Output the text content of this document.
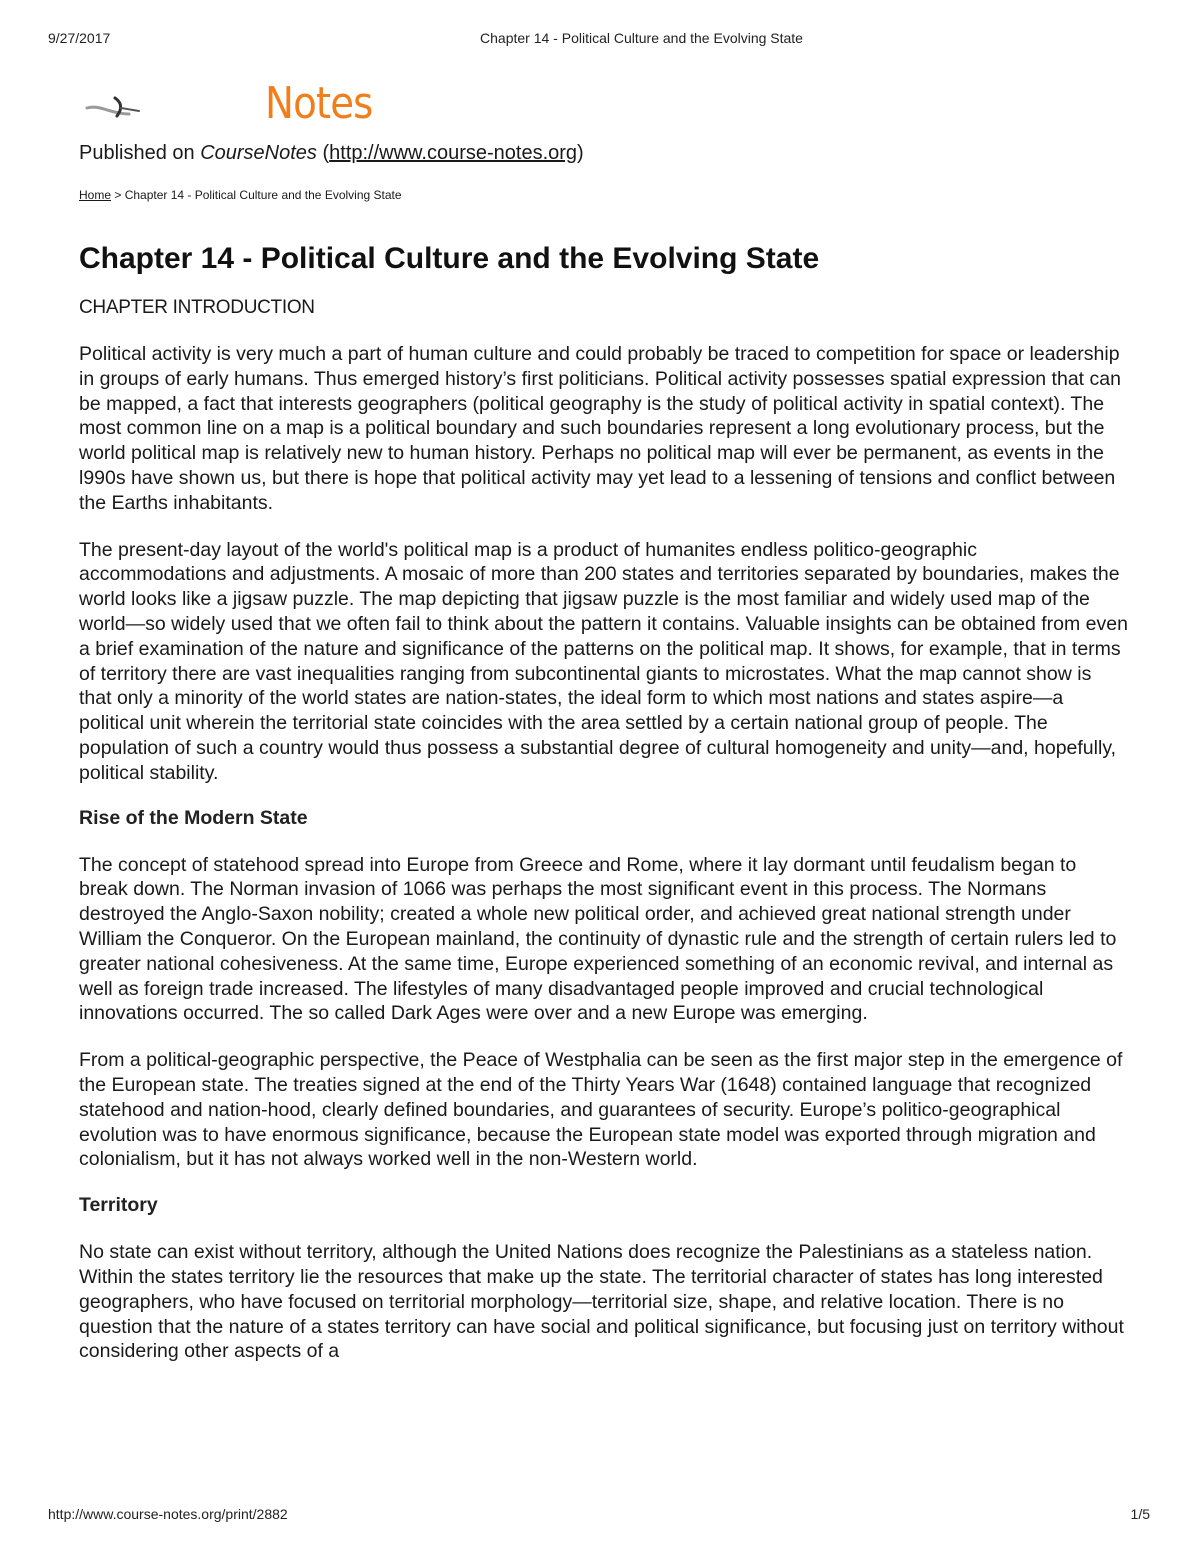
9/27/2017	Chapter 14 - Political Culture and the Evolving State
Notes
Published on CourseNotes (http://www.course-notes.org)
Home > Chapter 14 - Political Culture and the Evolving State
Chapter 14 - Political Culture and the Evolving State
CHAPTER INTRODUCTION

Political activity is very much a part of human culture and could probably be traced to competition for space or leadership in groups of early humans. Thus emerged history’s first politicians. Political activity possesses spatial expression that can be mapped, a fact that interests geographers (political geography is the study of political activity in spatial context). The most common line on a map is a political boundary and such boundaries represent a long evolutionary process, but the world political map is relatively new to human history. Perhaps no political map will ever be permanent, as events in the l990s have shown us, but there is hope that political activity may yet lead to a lessening of tensions and conflict between the Earths inhabitants.

The present-day layout of the world's political map is a product of humanites endless politico-geographic accommodations and adjustments. A mosaic of more than 200 states and territories separated by boundaries, makes the world looks like a jigsaw puzzle. The map depicting that jigsaw puzzle is the most familiar and widely used map of the world—so widely used that we often fail to think about the pattern it contains. Valuable insights can be obtained from even a brief examination of the nature and significance of the patterns on the political map. It shows, for example, that in terms of territory there are vast inequalities ranging from subcontinental giants to microstates. What the map cannot show is that only a minority of the world states are nation-states, the ideal form to which most nations and states aspire—a political unit wherein the territorial state coincides with the area settled by a certain national group of people. The population of such a country would thus possess a substantial degree of cultural homogeneity and unity—and, hopefully, political stability.

Rise of the Modern State

The concept of statehood spread into Europe from Greece and Rome, where it lay dormant until feudalism began to break down. The Norman invasion of 1066 was perhaps the most significant event in this process. The Normans destroyed the Anglo-Saxon nobility; created a whole new political order, and achieved great national strength under William the Conqueror. On the European mainland, the continuity of dynastic rule and the strength of certain rulers led to greater national cohesiveness. At the same time, Europe experienced something of an economic revival, and internal as well as foreign trade increased. The lifestyles of many disadvantaged people improved and crucial technological innovations occurred. The so called Dark Ages were over and a new Europe was emerging.

From a political-geographic perspective, the Peace of Westphalia can be seen as the first major step in the emergence of the European state. The treaties signed at the end of the Thirty Years War (1648) contained language that recognized statehood and nation-hood, clearly defined boundaries, and guarantees of security. Europe’s politico-geographical evolution was to have enormous significance, because the European state model was exported through migration and colonialism, but it has not always worked well in the non-Western world.

Territory

No state can exist without territory, although the United Nations does recognize the Palestinians as a stateless nation. Within the states territory lie the resources that make up the state. The territorial character of states has long interested geographers, who have focused on territorial morphology—territorial size, shape, and relative location. There is no question that the nature of a states territory can have social and political significance, but focusing just on territory without considering other aspects of a

http://www.course-notes.org/print/2882	1/5
